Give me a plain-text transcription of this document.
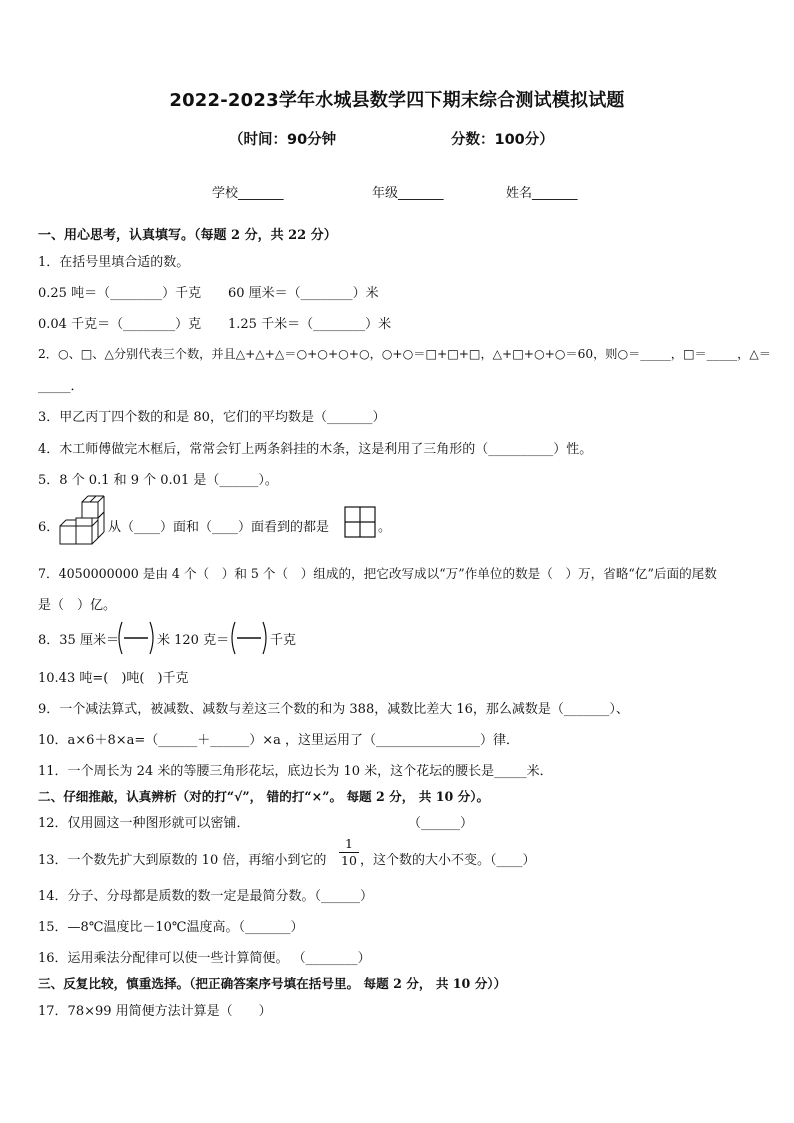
2022-2023学年水城县数学四下期末综合测试模拟试题
（时间：90分钟	分数：100分）
学校_______	年级_______	姓名_______
一、用心思考，认真填写。（每题 2 分，共 22 分）
1．在括号里填合适的数。
0.25 吨＝（________）千克 60 厘米＝（________）米
0.04 千克＝（________）克 1.25 千米＝（________）米
2．○、□、△分别代表三个数，并且△+△+△＝○+○+○+○，○+○＝□+□+□，△+□+○+○＝60，则○＝_____，□＝_____，△＝
_____．
3．甲乙丙丁四个数的和是 80，它们的平均数是（_______）
4．木工师傅做完木框后，常常会钉上两条斜挂的木条，这是利用了三角形的（__________）性。
5．8 个 0.1 和 9 个 0.01 是（______）。
6．	从（____）面和（____）面看到的都是	。
7．4050000000 是由 4 个（　）和 5 个（　）组成的，把它改写成以“万”作单位的数是（　）万，省略“亿”后面的尾数
是（　）亿。
8．35 厘米＝	米 120 克＝	千克
10.43 吨=(　)吨(　)千克
9．一个减法算式，被减数、减数与差这三个数的和为 388，减数比差大 16，那么减数是（_______）、
10．a×6＋8×a=（______＋______）×a ，这里运用了（________________）律．
11．一个周长为 24 米的等腰三角形花坛，底边长为 10 米，这个花坛的腰长是_____米．
二、仔细推敲，认真辨析（对的打“√”， 错的打“×”。 每题 2 分， 共 10 分）。
12．仅用圆这一种图形就可以密铺．	（______）
13．一个数先扩大到原数的 10 倍，再缩小到它的 $\frac{1}{10}$ ，这个数的大小不变。（____）
14．分子、分母都是质数的数一定是最简分数。（______）
15．—8℃温度比－10℃温度高。（_______）
16．运用乘法分配律可以使一些计算简便。 （________）
三、反复比较，慎重选择。（把正确答案序号填在括号里。 每题 2 分， 共 10 分））
17．78×99 用简便方法计算是（　　）
